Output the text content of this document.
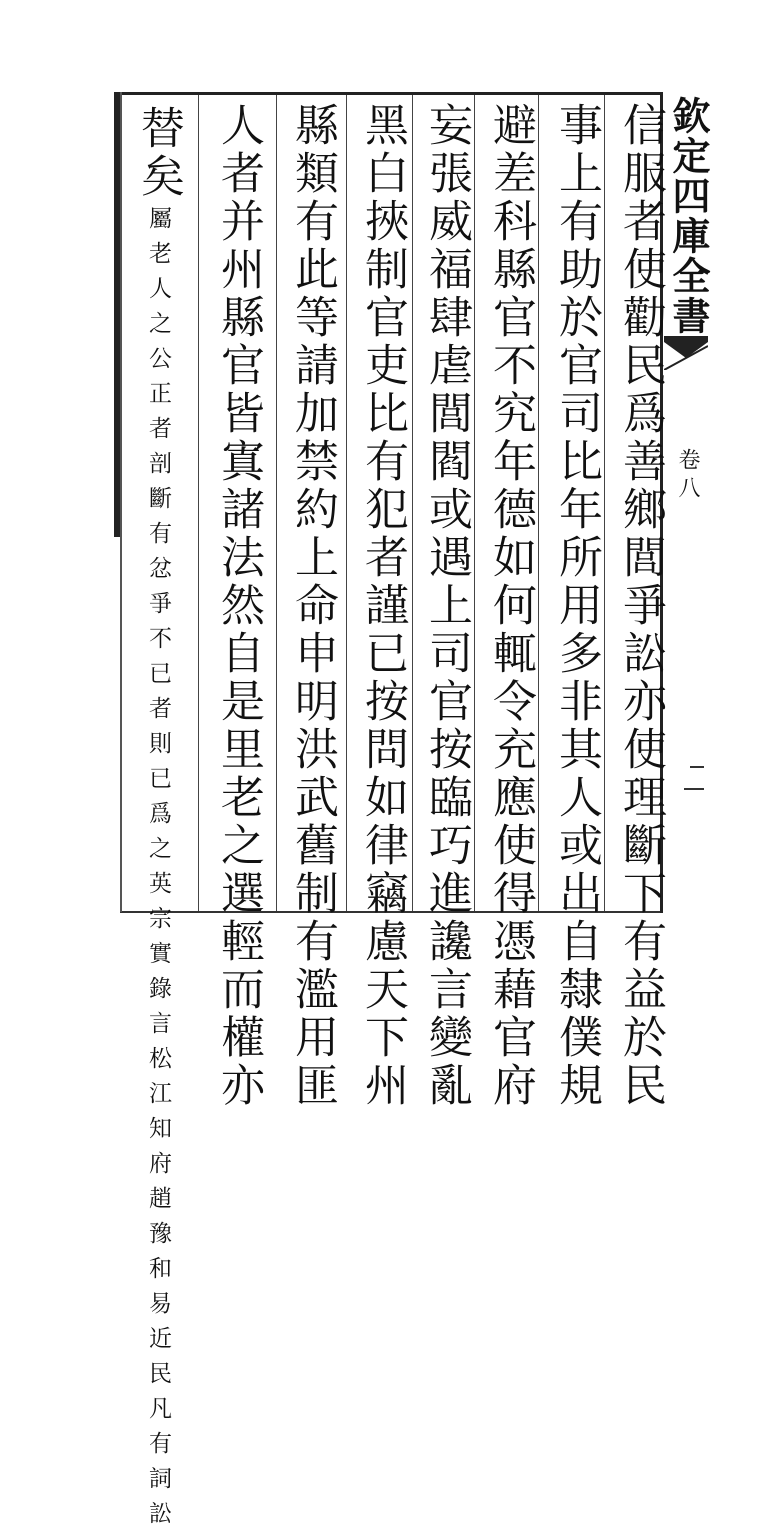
信服者使勸民爲善鄉閭爭訟亦使理斷下有益於民
事上有助於官司比年所用多非其人或出自隸僕規
避差科縣官不究年德如何輒令充應使得憑藉官府
妄張威福肆虐閭閻或遇上司官按臨巧進讒言變亂
黑白挾制官吏比有犯者謹已按問如律竊慮天下州
縣類有此等請加禁約上命申明洪武舊制有濫用匪
人者并州縣官皆寘諸法然自是里老之選輕而權亦
替矣
英宗實錄言松江知府趙豫和易近民凡有詞訟
屬老人之公正者剖斷有忿爭不已者則已爲之	欽定四庫全書
卷八
